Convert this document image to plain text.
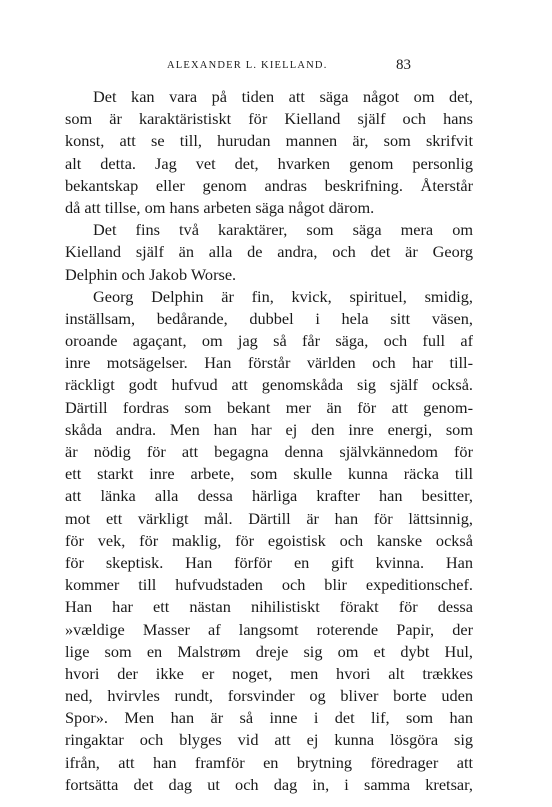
ALEXANDER L. KIELLAND.	83
Det kan vara på tiden att säga något om det,
som är karaktäristiskt för Kielland själf och hans
konst, att se till, hurudan mannen är, som skrifvit
alt detta. Jag vet det, hvarken genom personlig
bekantskap eller genom andras beskrifning. Återstår
då att tillse, om hans arbeten säga något därom.
Det fins två karaktärer, som säga mera om
Kielland själf än alla de andra, och det är Georg
Delphin och Jakob Worse.
Georg Delphin är fin, kvick, spirituel, smidig,
inställsam, bedårande, dubbel i hela sitt väsen,
oroande agaçant, om jag så får säga, och full af
inre motsägelser. Han förstår världen och har till-
räckligt godt hufvud att genomskåda sig själf också.
Därtill fordras som bekant mer än för att genom-
skåda andra. Men han har ej den inre energi, som
är nödig för att begagna denna självkännedom för
ett starkt inre arbete, som skulle kunna räcka till
att länka alla dessa härliga krafter han besitter,
mot ett värkligt mål. Därtill är han för lättsinnig,
för vek, för maklig, för egoistisk och kanske också
för skeptisk. Han förför en gift kvinna. Han
kommer till hufvudstaden och blir expeditionschef.
Han har ett nästan nihilistiskt förakt för dessa
»vældige Masser af langsomt roterende Papir, der
lige som en Malstrøm dreje sig om et dybt Hul,
hvori der ikke er noget, men hvori alt trækkes
ned, hvirvles rundt, forsvinder og bliver borte uden
Spor». Men han är så inne i det lif, som han
ringaktar och blyges vid att ej kunna lösgöra sig
ifrån, att han framför en brytning föredrager att
fortsätta det dag ut och dag in, i samma kretsar,
